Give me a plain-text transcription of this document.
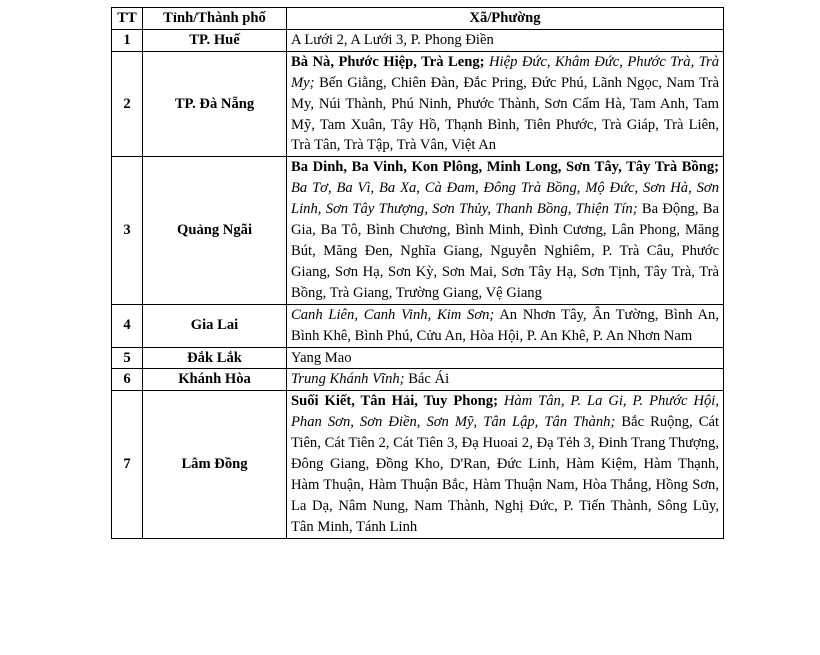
TT	Tỉnh/Thành phố	Xã/Phường
1	TP. Huế	A Lưới 2, A Lưới 3, P. Phong Điền
2	TP. Đà Nẵng	Bà Nà, Phước Hiệp, Trà Leng; Hiệp Đức, Khâm Đức, Phước Trà, Trà My; Bến Giằng, Chiên Đàn, Đắc Pring, Đức Phú, Lãnh Ngọc, Nam Trà My, Núi Thành, Phú Ninh, Phước Thành, Sơn Cẩm Hà, Tam Anh, Tam Mỹ, Tam Xuân, Tây Hồ, Thạnh Bình, Tiên Phước, Trà Giáp, Trà Liên, Trà Tân, Trà Tập, Trà Vân, Việt An
3	Quảng Ngãi	Ba Dinh, Ba Vinh, Kon Plông, Minh Long, Sơn Tây, Tây Trà Bồng; Ba Tơ, Ba Vì, Ba Xa, Cà Đam, Đông Trà Bồng, Mộ Đức, Sơn Hà, Sơn Linh, Sơn Tây Thượng, Sơn Thủy, Thanh Bồng, Thiện Tín; Ba Động, Ba Gia, Ba Tô, Bình Chương, Bình Minh, Đình Cương, Lân Phong, Măng Bút, Măng Đen, Nghĩa Giang, Nguyễn Nghiêm, P. Trà Câu, Phước Giang, Sơn Hạ, Sơn Kỳ, Sơn Mai, Sơn Tây Hạ, Sơn Tịnh, Tây Trà, Trà Bồng, Trà Giang, Trường Giang, Vệ Giang
4	Gia Lai	Canh Liên, Canh Vinh, Kim Sơn; An Nhơn Tây, Ân Tường, Bình An, Bình Khê, Bình Phú, Cửu An, Hòa Hội, P. An Khê, P. An Nhơn Nam
5	Đắk Lắk	Yang Mao
6	Khánh Hòa	Trung Khánh Vĩnh; Bác Ái
7	Lâm Đồng	Suối Kiết, Tân Hải, Tuy Phong; Hàm Tân, P. La Gi, P. Phước Hội, Phan Sơn, Sơn Điền, Sơn Mỹ, Tân Lập, Tân Thành; Bắc Ruộng, Cát Tiên, Cát Tiên 2, Cát Tiên 3, Đạ Huoai 2, Đạ Tẻh 3, Đinh Trang Thượng, Đông Giang, Đồng Kho, D'Ran, Đức Linh, Hàm Kiệm, Hàm Thạnh, Hàm Thuận, Hàm Thuận Bắc, Hàm Thuận Nam, Hòa Thắng, Hồng Sơn, La Dạ, Nâm Nung, Nam Thành, Nghị Đức, P. Tiến Thành, Sông Lũy, Tân Minh, Tánh Linh
